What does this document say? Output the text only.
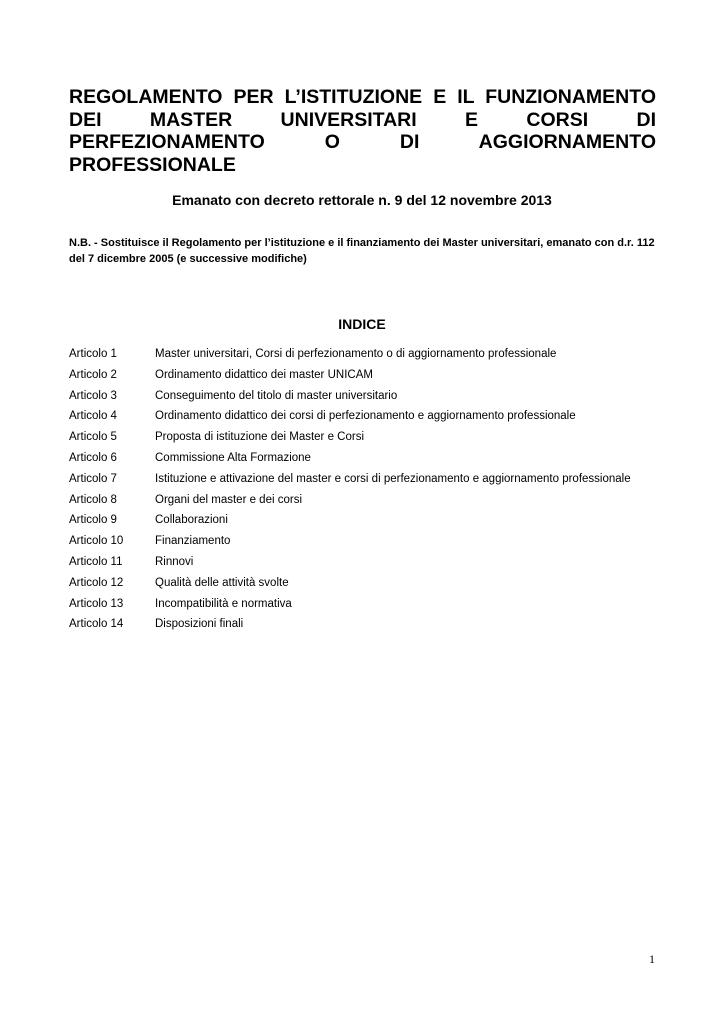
REGOLAMENTO PER L’ISTITUZIONE E IL FUNZIONAMENTO
DEI MASTER UNIVERSITARI E CORSI DI
PERFEZIONAMENTO O DI AGGIORNAMENTO
PROFESSIONALE

Emanato con decreto rettorale n. 9 del 12 novembre 2013

N.B. - Sostituisce il Regolamento per l’istituzione e il finanziamento dei Master universitari, emanato con d.r. 112 del 7 dicembre 2005 (e successive modifiche)

INDICE
Articolo 1	Master universitari, Corsi di perfezionamento o di aggiornamento professionale
Articolo 2	Ordinamento didattico dei master UNICAM
Articolo 3	Conseguimento del titolo di master universitario
Articolo 4	Ordinamento didattico dei corsi di perfezionamento e aggiornamento professionale
Articolo 5	Proposta di istituzione dei Master e Corsi
Articolo 6	Commissione Alta Formazione
Articolo 7	Istituzione e attivazione del master e corsi di perfezionamento e aggiornamento professionale
Articolo 8	Organi del master e dei corsi
Articolo 9	Collaborazioni
Articolo 10	Finanziamento
Articolo 11	Rinnovi
Articolo 12	Qualità delle attività svolte
Articolo 13	Incompatibilità e normativa
Articolo 14	Disposizioni finali

1
